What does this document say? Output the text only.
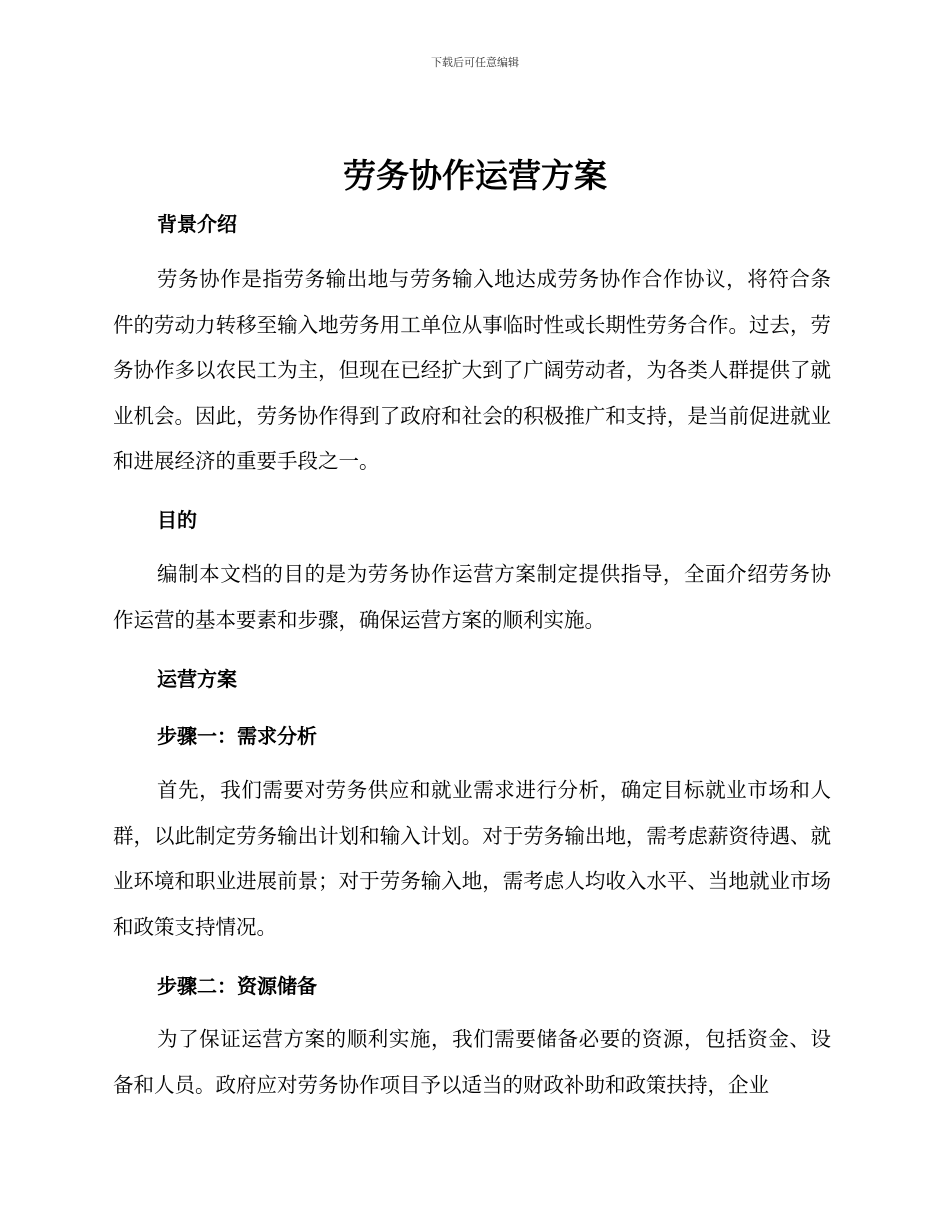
下载后可任意编辑
劳务协作运营方案
背景介绍

劳务协作是指劳务输出地与劳务输入地达成劳务协作合作协议，将符合条件的劳动力转移至输入地劳务用工单位从事临时性或长期性劳务合作。过去，劳务协作多以农民工为主，但现在已经扩大到了广阔劳动者，为各类人群提供了就业机会。因此，劳务协作得到了政府和社会的积极推广和支持，是当前促进就业和进展经济的重要手段之一。

目的

编制本文档的目的是为劳务协作运营方案制定提供指导，全面介绍劳务协作运营的基本要素和步骤，确保运营方案的顺利实施。

运营方案
步骤一：需求分析

首先，我们需要对劳务供应和就业需求进行分析，确定目标就业市场和人群，以此制定劳务输出计划和输入计划。对于劳务输出地，需考虑薪资待遇、就业环境和职业进展前景；对于劳务输入地，需考虑人均收入水平、当地就业市场和政策支持情况。

步骤二：资源储备

为了保证运营方案的顺利实施，我们需要储备必要的资源，包括资金、设备和人员。政府应对劳务协作项目予以适当的财政补助和政策扶持，企业
